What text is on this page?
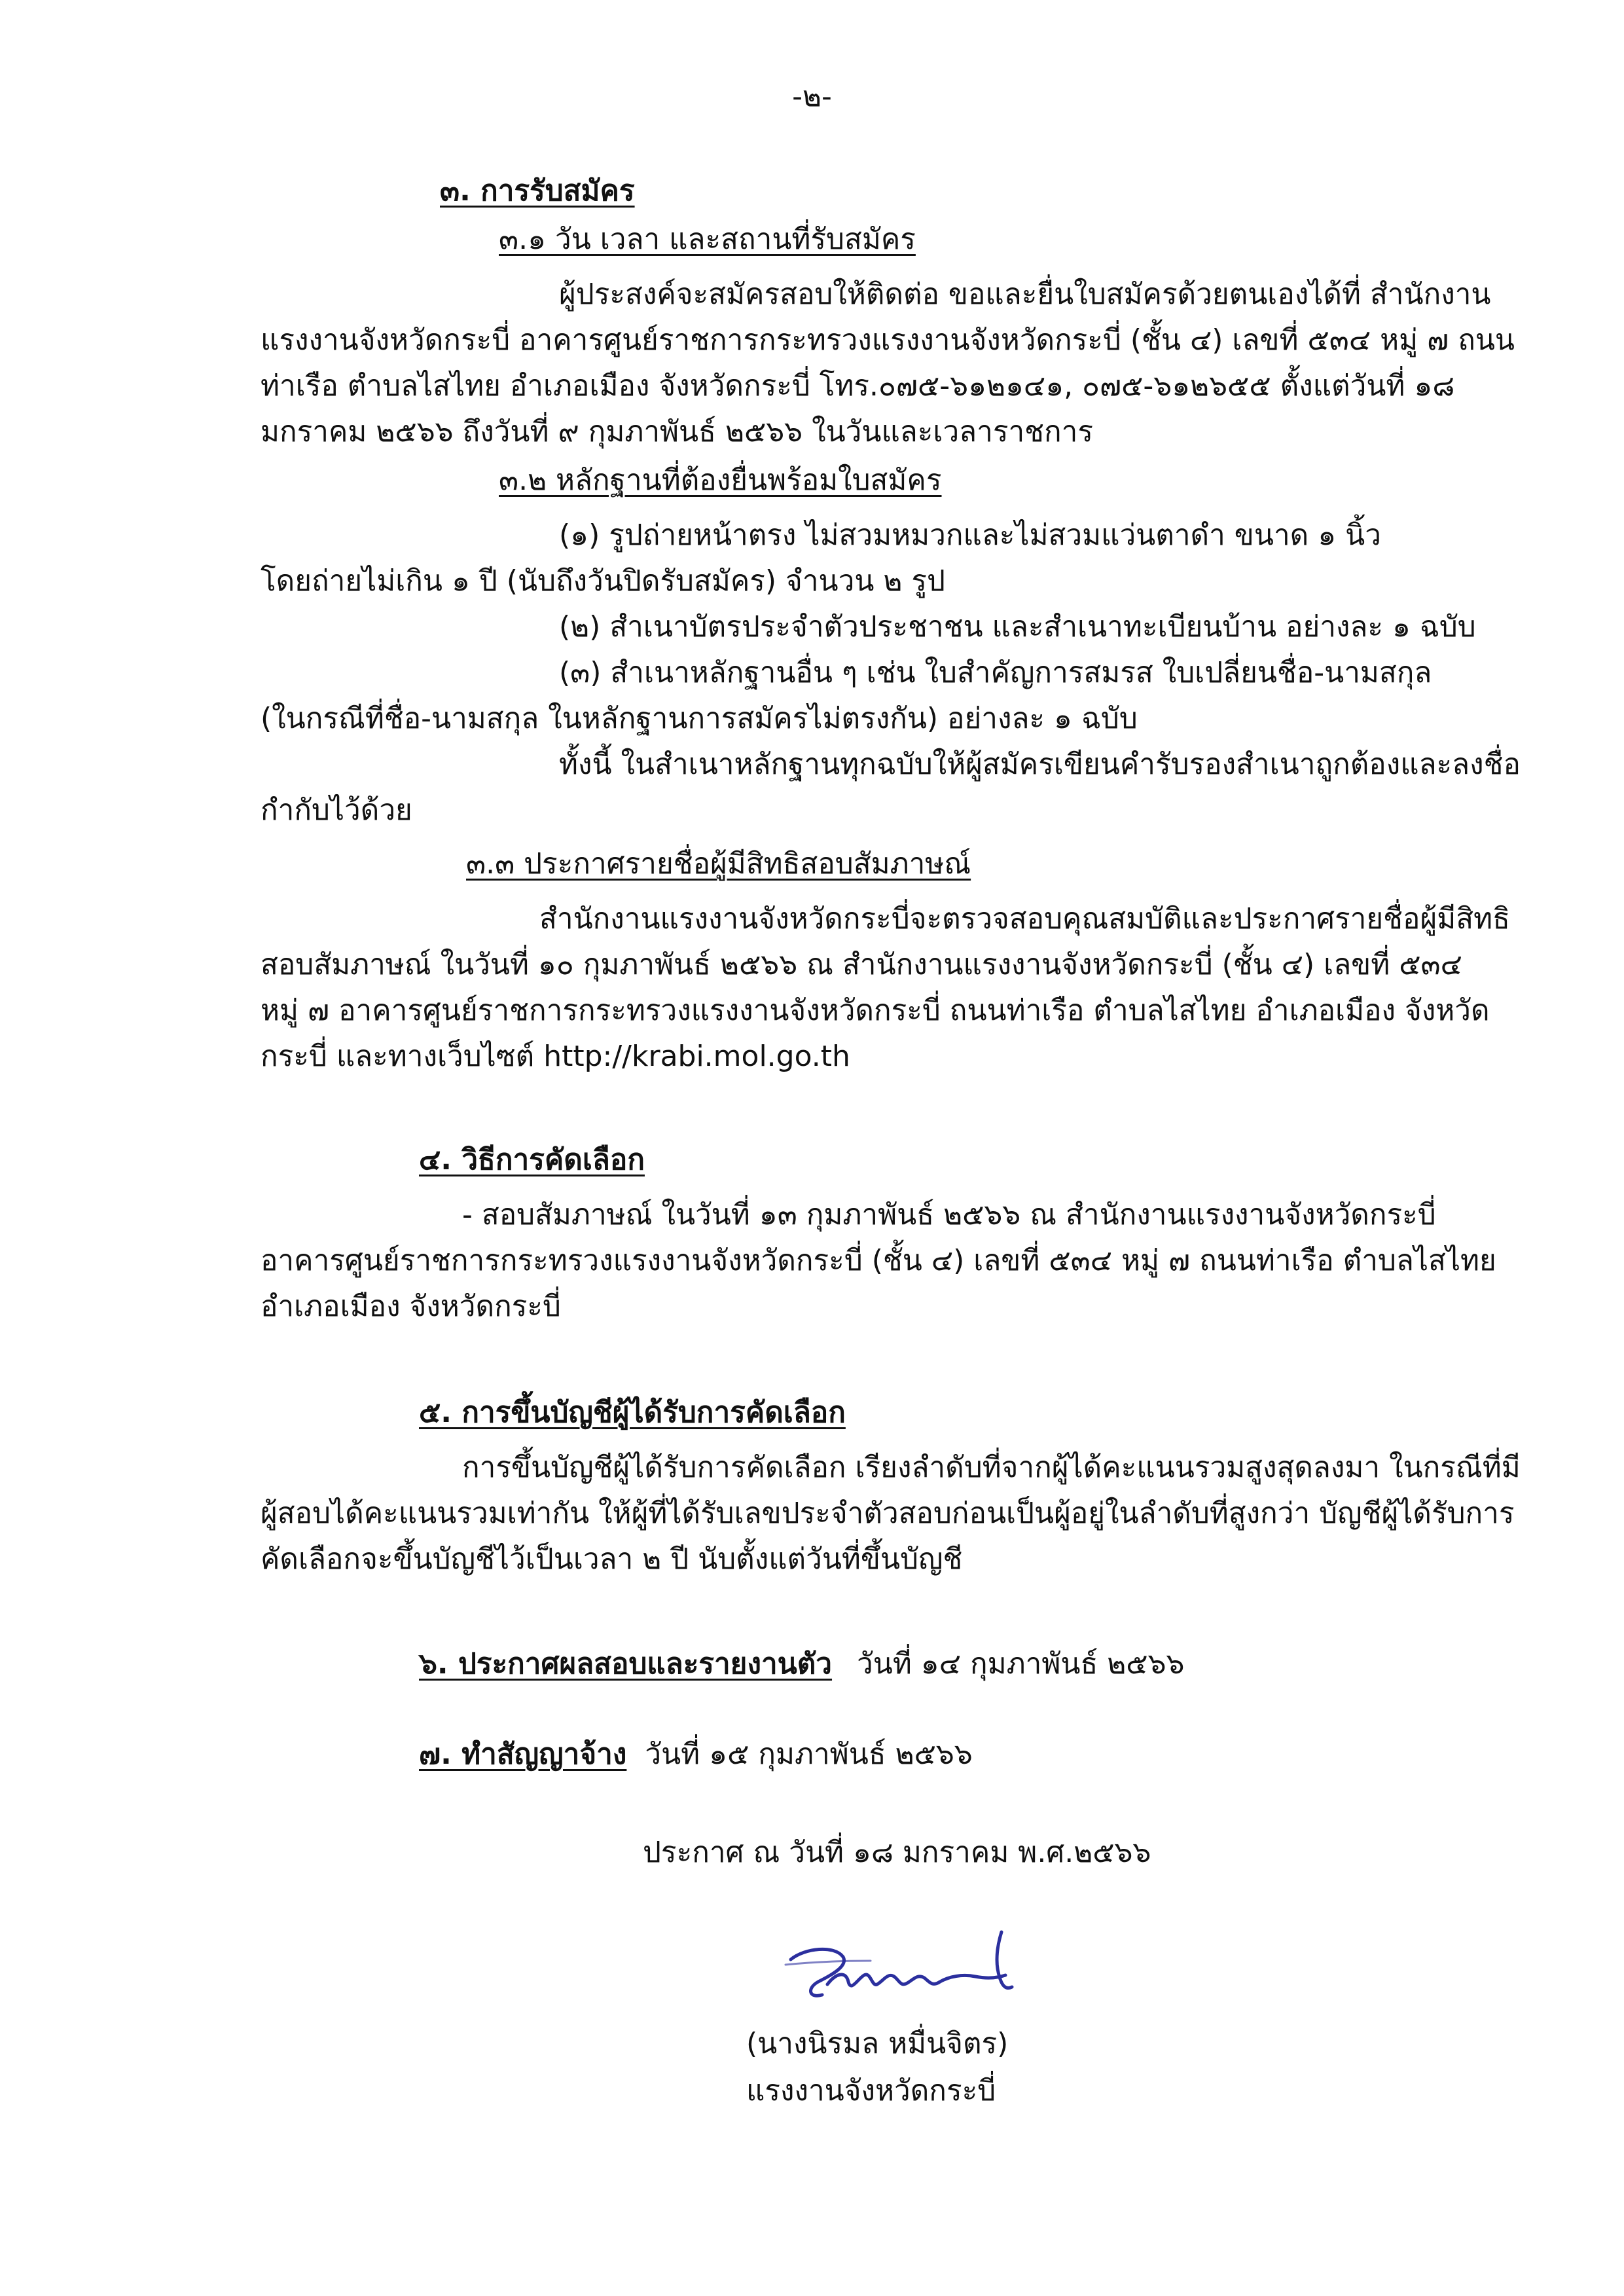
-๒-
๓. การรับสมัคร
๓.๑ วัน เวลา และสถานที่รับสมัคร
ผู้ประสงค์จะสมัครสอบให้ติดต่อ ขอและยื่นใบสมัครด้วยตนเองได้ที่ สำนักงาน
แรงงานจังหวัดกระบี่ อาคารศูนย์ราชการกระทรวงแรงงานจังหวัดกระบี่ (ชั้น ๔) เลขที่ ๕๓๔ หมู่ ๗ ถนน
ท่าเรือ ตำบลไสไทย อำเภอเมือง จังหวัดกระบี่ โทร.๐๗๕-๖๑๒๑๔๑, ๐๗๕-๖๑๒๖๕๕ ตั้งแต่วันที่ ๑๘
มกราคม ๒๕๖๖ ถึงวันที่ ๙ กุมภาพันธ์ ๒๕๖๖ ในวันและเวลาราชการ
๓.๒ หลักฐานที่ต้องยื่นพร้อมใบสมัคร
(๑) รูปถ่ายหน้าตรง ไม่สวมหมวกและไม่สวมแว่นตาดำ ขนาด ๑ นิ้ว
โดยถ่ายไม่เกิน ๑ ปี (นับถึงวันปิดรับสมัคร) จำนวน ๒ รูป
(๒) สำเนาบัตรประจำตัวประชาชน และสำเนาทะเบียนบ้าน อย่างละ ๑ ฉบับ
(๓) สำเนาหลักฐานอื่น ๆ เช่น ใบสำคัญการสมรส ใบเปลี่ยนชื่อ-นามสกุล
(ในกรณีที่ชื่อ-นามสกุล ในหลักฐานการสมัครไม่ตรงกัน) อย่างละ ๑ ฉบับ
ทั้งนี้ ในสำเนาหลักฐานทุกฉบับให้ผู้สมัครเขียนคำรับรองสำเนาถูกต้องและลงชื่อ
กำกับไว้ด้วย
๓.๓ ประกาศรายชื่อผู้มีสิทธิสอบสัมภาษณ์
สำนักงานแรงงานจังหวัดกระบี่จะตรวจสอบคุณสมบัติและประกาศรายชื่อผู้มีสิทธิ
สอบสัมภาษณ์ ในวันที่ ๑๐ กุมภาพันธ์ ๒๕๖๖ ณ สำนักงานแรงงานจังหวัดกระบี่ (ชั้น ๔) เลขที่ ๕๓๔
หมู่ ๗ อาคารศูนย์ราชการกระทรวงแรงงานจังหวัดกระบี่ ถนนท่าเรือ ตำบลไสไทย อำเภอเมือง จังหวัด
กระบี่ และทางเว็บไซต์ http://krabi.mol.go.th
๔. วิธีการคัดเลือก
- สอบสัมภาษณ์ ในวันที่ ๑๓ กุมภาพันธ์ ๒๕๖๖ ณ สำนักงานแรงงานจังหวัดกระบี่
อาคารศูนย์ราชการกระทรวงแรงงานจังหวัดกระบี่ (ชั้น ๔) เลขที่ ๕๓๔ หมู่ ๗ ถนนท่าเรือ ตำบลไสไทย
อำเภอเมือง จังหวัดกระบี่
๕. การขึ้นบัญชีผู้ได้รับการคัดเลือก
การขึ้นบัญชีผู้ได้รับการคัดเลือก เรียงลำดับที่จากผู้ได้คะแนนรวมสูงสุดลงมา ในกรณีที่มี
ผู้สอบได้คะแนนรวมเท่ากัน ให้ผู้ที่ได้รับเลขประจำตัวสอบก่อนเป็นผู้อยู่ในลำดับที่สูงกว่า บัญชีผู้ได้รับการ
คัดเลือกจะขึ้นบัญชีไว้เป็นเวลา ๒ ปี นับตั้งแต่วันที่ขึ้นบัญชี
๖. ประกาศผลสอบและรายงานตัว วันที่ ๑๔ กุมภาพันธ์ ๒๕๖๖
๗. ทำสัญญาจ้าง วันที่ ๑๕ กุมภาพันธ์ ๒๕๖๖
ประกาศ ณ วันที่ ๑๘ มกราคม พ.ศ.๒๕๖๖
(นางนิรมล หมื่นจิตร)
แรงงานจังหวัดกระบี่
